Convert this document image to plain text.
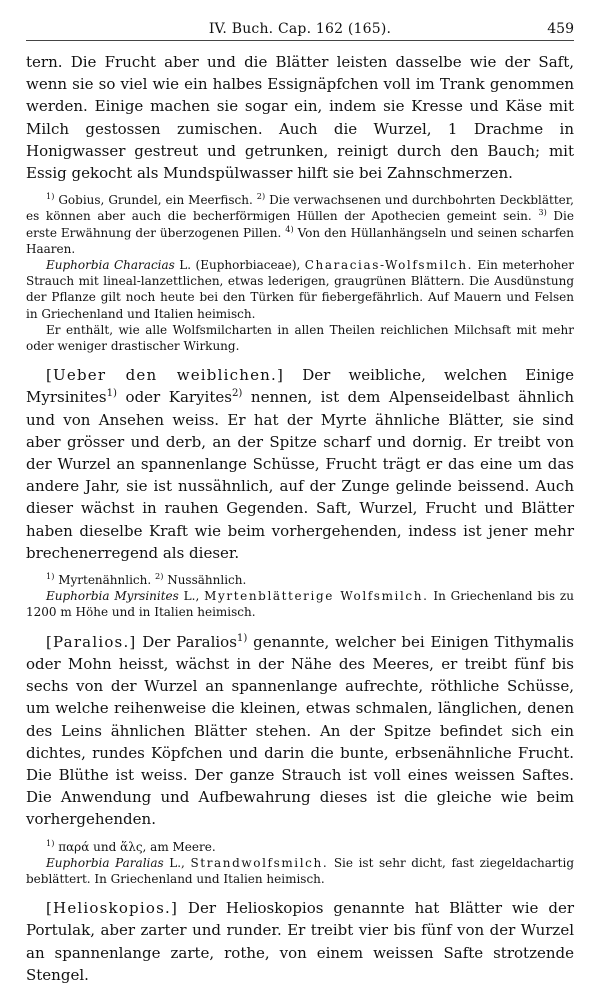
IV. Buch. Cap. 162 (165).	459

tern. Die Frucht aber und die Blätter leisten dasselbe wie der Saft, wenn sie so viel wie ein halbes Essignäpfchen voll im Trank genommen werden. Einige machen sie sogar ein, indem sie Kresse und Käse mit Milch gestossen zumischen. Auch die Wurzel, 1 Drachme in Honigwasser gestreut und getrunken, reinigt durch den Bauch; mit Essig gekocht als Mundspülwasser hilft sie bei Zahnschmerzen.

$^{1)}$ Gobius, Grundel, ein Meerfisch. $^{2)}$ Die verwachsenen und durchbohrten Deckblätter, es können aber auch die becherförmigen Hüllen der Apothecien gemeint sein. $^{3)}$ Die erste Erwähnung der überzogenen Pillen. $^{4)}$ Von den Hüllanhängseln und seinen scharfen Haaren.

Euphorbia Characias L. (Euphorbiaceae), Characias-Wolfsmilch. Ein meterhoher Strauch mit lineal-lanzettlichen, etwas lederigen, graugrünen Blättern. Die Ausdünstung der Pflanze gilt noch heute bei den Türken für fiebergefährlich. Auf Mauern und Felsen in Griechenland und Italien heimisch.

Er enthält, wie alle Wolfsmilcharten in allen Theilen reichlichen Milchsaft mit mehr oder weniger drastischer Wirkung.

[Ueber den weiblichen.] Der weibliche, welchen Einige Myrsinites$^{1)}$ oder Karyites$^{2)}$ nennen, ist dem Alpenseidelbast ähnlich und von Ansehen weiss. Er hat der Myrte ähnliche Blätter, sie sind aber grösser und derb, an der Spitze scharf und dornig. Er treibt von der Wurzel an spannenlange Schüsse, Frucht trägt er das eine um das andere Jahr, sie ist nussähnlich, auf der Zunge gelinde beissend. Auch dieser wächst in rauhen Gegenden. Saft, Wurzel, Frucht und Blätter haben dieselbe Kraft wie beim vorhergehenden, indess ist jener mehr brechenerregend als dieser.

$^{1)}$ Myrtenähnlich. $^{2)}$ Nussähnlich.

Euphorbia Myrsinites L., Myrtenblätterige Wolfsmilch. In Griechenland bis zu 1200 m Höhe und in Italien heimisch.

[Paralios.] Der Paralios$^{1)}$ genannte, welcher bei Einigen Tithymalis oder Mohn heisst, wächst in der Nähe des Meeres, er treibt fünf bis sechs von der Wurzel an spannenlange aufrechte, röthliche Schüsse, um welche reihenweise die kleinen, etwas schmalen, länglichen, denen des Leins ähnlichen Blätter stehen. An der Spitze befindet sich ein dichtes, rundes Köpfchen und darin die bunte, erbsenähnliche Frucht. Die Blüthe ist weiss. Der ganze Strauch ist voll eines weissen Saftes. Die Anwendung und Aufbewahrung dieses ist die gleiche wie beim vorhergehenden.

$^{1)}$ παρά und ἅλς, am Meere.

Euphorbia Paralias L., Strandwolfsmilch. Sie ist sehr dicht, fast ziegeldachartig beblättert. In Griechenland und Italien heimisch.

[Helioskopios.] Der Helioskopios genannte hat Blätter wie der Portulak, aber zarter und runder. Er treibt vier bis fünf von der Wurzel an spannenlange zarte, rothe, von einem weissen Safte strotzende Stengel.
